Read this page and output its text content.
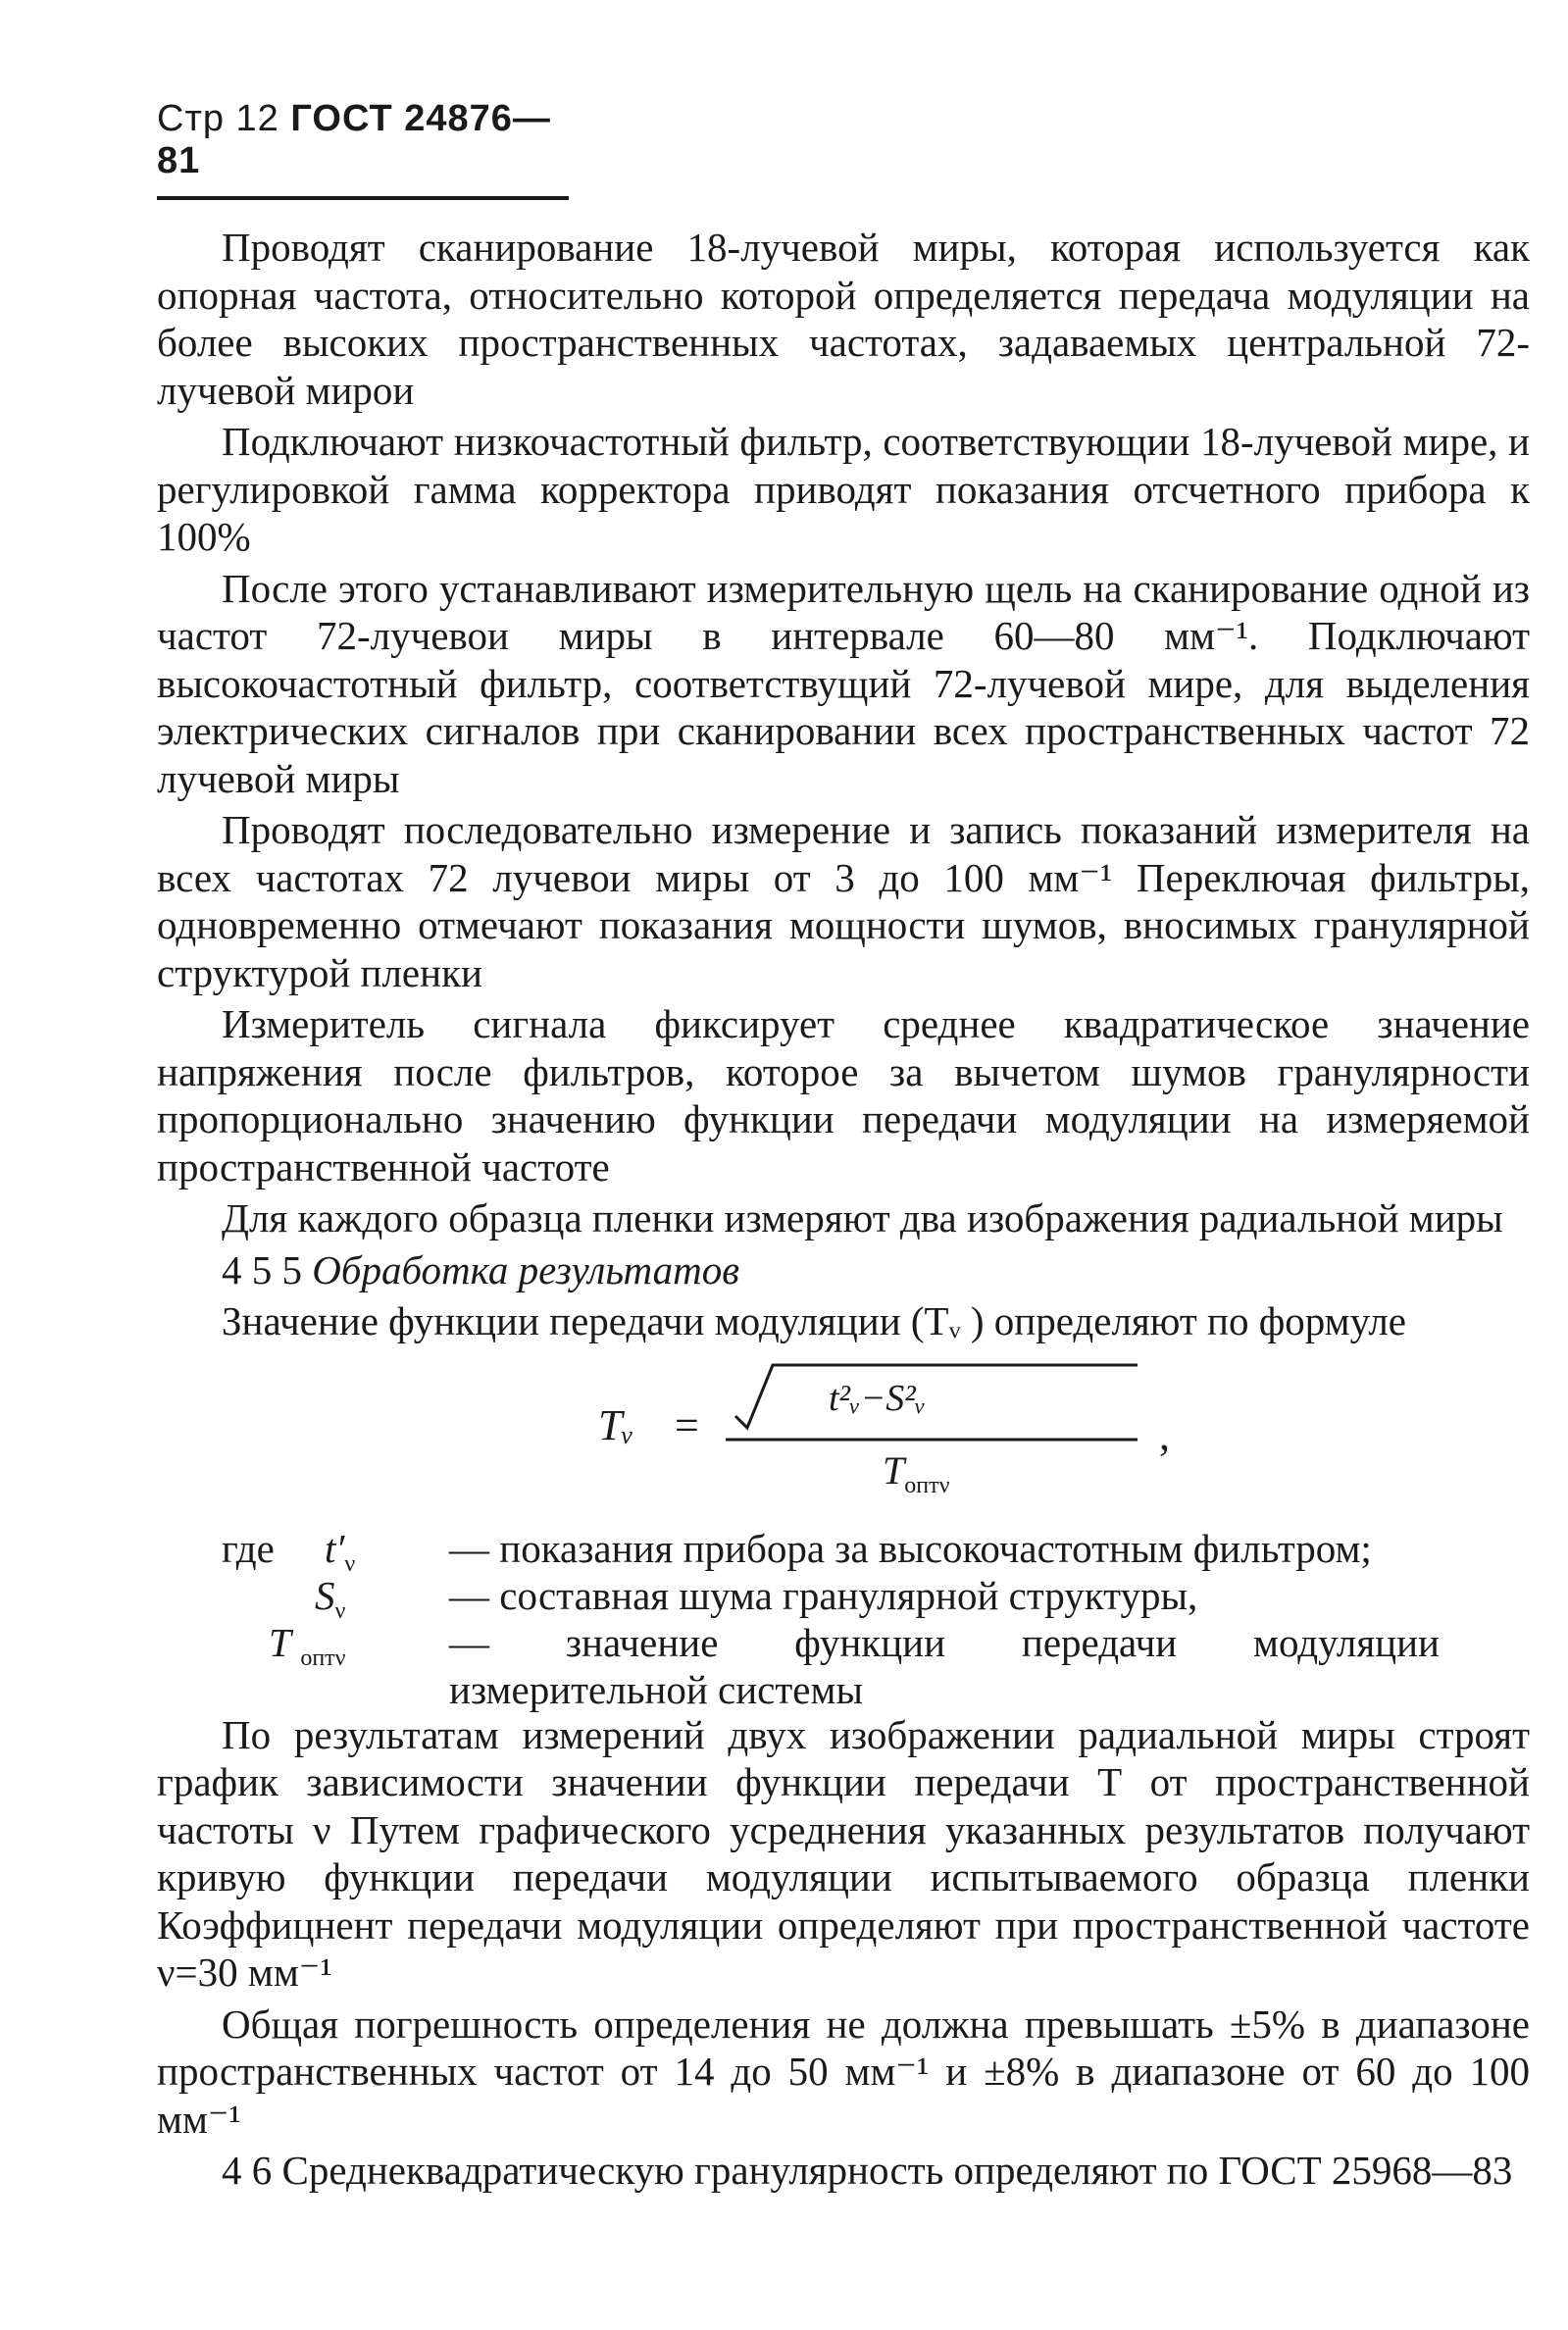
Стр 12 ГОСТ 24876—81

Проводят сканирование 18-лучевой миры, которая используется как опорная частота, относительно которой определяется передача модуляции на более высоких пространственных частотах, задаваемых центральной 72-лучевой мирои

Подключают низкочастотный фильтр, соответствующии 18-лучевой мире, и регулировкой гамма корректора приводят показания отсчетного прибора к 100%

После этого устанавливают измерительную щель на сканирование одной из частот 72-лучевои миры в интервале 60—80 мм⁻¹. Подключают высокочастотный фильтр, соответствущий 72-лучевой мире, для выделения электрических сигналов при сканировании всех пространственных частот 72 лучевой миры

Проводят последовательно измерение и запись показаний измерителя на всех частотах 72 лучевои миры от 3 до 100 мм⁻¹ Переключая фильтры, одновременно отмечают показания мощности шумов, вносимых гранулярной структурой пленки

Измеритель сигнала фиксирует среднее квадратическое значение напряжения после фильтров, которое за вычетом шумов гранулярности пропорционально значению функции передачи модуляции на измеряемой пространственной частоте

Для каждого образца пленки измеряют два изображения радиальной миры

4 5 5 Обработка результатов

Значение функции передачи модуляции (Тᵥ ) определяют по формуле

Tᵥ =
t²ᵥ−S²ᵥ
$T_{опт\nu}$
,
где $t'_\nu$ — показания прибора за высокочастотным фильтром;
$S_\nu$	— составная шума гранулярной структуры,
T $_{опт\nu}$	— значение функции передачи модуляции измерительной системы

По результатам измерений двух изображении радиальной миры строят график зависимости значении функции передачи Т от пространственной частоты ν Путем графического усреднения указанных результатов получают кривую функции передачи модуляции испытываемого образца пленки Коэффицнент передачи модуляции определяют при пространственной частоте ν=30 мм⁻¹

Общая погрешность определения не должна превышать ±5% в диапазоне пространственных частот от 14 до 50 мм⁻¹ и ±8% в диапазоне от 60 до 100 мм⁻¹

4 6 Среднеквадратическую гранулярность определяют по ГОСТ 25968—83
